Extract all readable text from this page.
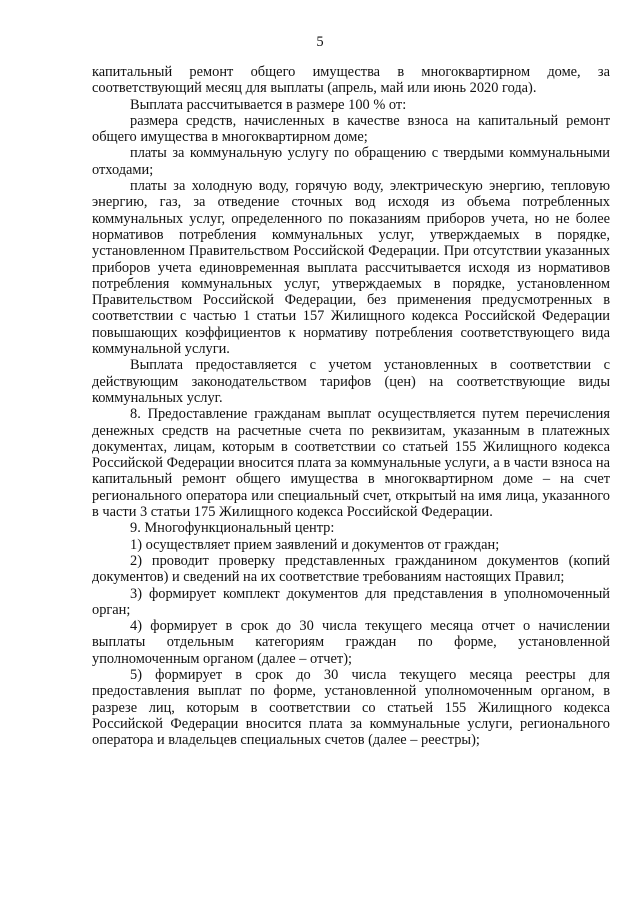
5

капитальный ремонт общего имущества в многоквартирном доме, за соответствующий месяц для выплаты (апрель, май или июнь 2020 года).

Выплата рассчитывается в размере 100 % от:

размера средств, начисленных в качестве взноса на капитальный ремонт общего имущества в многоквартирном доме;

платы за коммунальную услугу по обращению с твердыми коммунальными отходами;

платы за холодную воду, горячую воду, электрическую энергию, тепловую энергию, газ, за отведение сточных вод исходя из объема потребленных коммунальных услуг, определенного по показаниям приборов учета, но не более нормативов потребления коммунальных услуг, утверждаемых в порядке, установленном Правительством Российской Федерации. При отсутствии указанных приборов учета единовременная выплата рассчитывается исходя из нормативов потребления коммунальных услуг, утверждаемых в порядке, установленном Правительством Российской Федерации, без применения предусмотренных в соответствии с частью 1 статьи 157 Жилищного кодекса Российской Федерации повышающих коэффициентов к нормативу потребления соответствующего вида коммунальной услуги.

Выплата предоставляется с учетом установленных в соответствии с действующим законодательством тарифов (цен) на соответствующие виды коммунальных услуг.

8. Предоставление гражданам выплат осуществляется путем перечисления денежных средств на расчетные счета по реквизитам, указанным в платежных документах, лицам, которым в соответствии со статьей 155 Жилищного кодекса Российской Федерации вносится плата за коммунальные услуги, а в части взноса на капитальный ремонт общего имущества в многоквартирном доме – на счет регионального оператора или специальный счет, открытый на имя лица, указанного в части 3 статьи 175 Жилищного кодекса Российской Федерации.

9. Многофункциональный центр:

1) осуществляет прием заявлений и документов от граждан;

2) проводит проверку представленных гражданином документов (копий документов) и сведений на их соответствие требованиям настоящих Правил;

3) формирует комплект документов для представления в уполномоченный орган;

4) формирует в срок до 30 числа текущего месяца отчет о начислении выплаты отдельным категориям граждан по форме, установленной уполномоченным органом (далее – отчет);

5) формирует в срок до 30 числа текущего месяца реестры для предоставления выплат по форме, установленной уполномоченным органом, в разрезе лиц, которым в соответствии со статьей 155 Жилищного кодекса Российской Федерации вносится плата за коммунальные услуги, регионального оператора и владельцев специальных счетов (далее – реестры);
